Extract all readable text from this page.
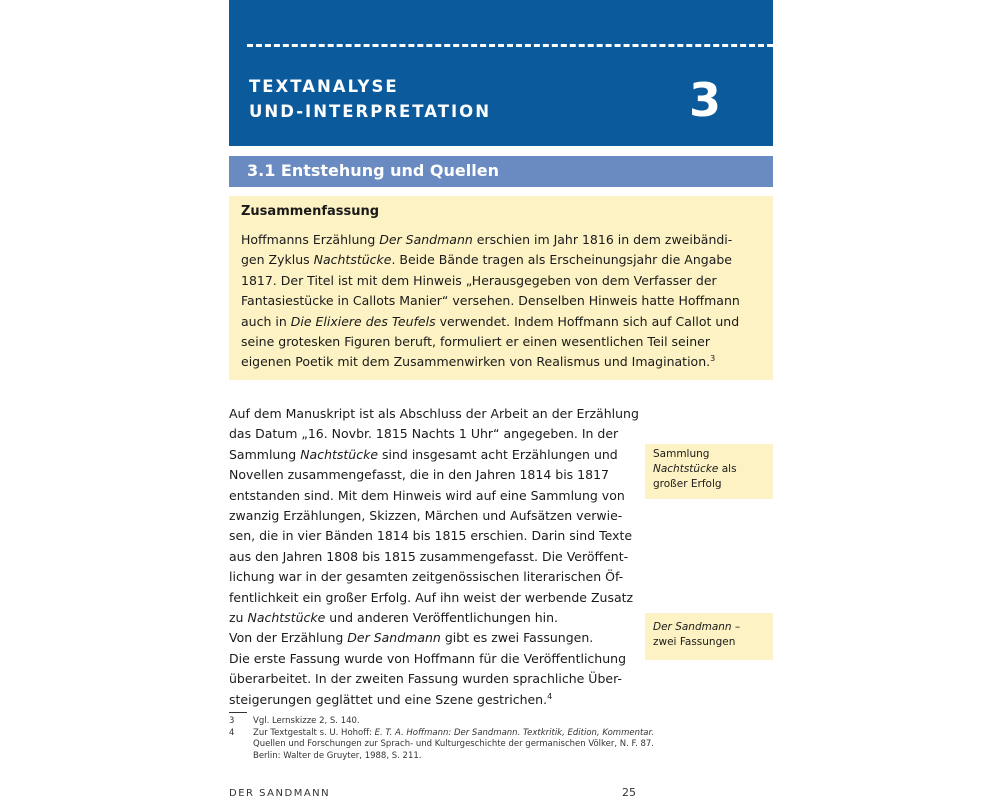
TEXTANALYSE
UND-INTERPRETATION	3
3.1 Entstehung und Quellen
Zusammenfassung
Hoffmanns Erzählung Der Sandmann erschien im Jahr 1816 in dem zweibändi-
gen Zyklus Nachtstücke. Beide Bände tragen als Erscheinungsjahr die Angabe
1817. Der Titel ist mit dem Hinweis „Herausgegeben von dem Verfasser der
Fantasiestücke in Callots Manier“ versehen. Denselben Hinweis hatte Hoffmann
auch in Die Elixiere des Teufels verwendet. Indem Hoffmann sich auf Callot und
seine grotesken Figuren beruft, formuliert er einen wesentlichen Teil seiner
eigenen Poetik mit dem Zusammenwirken von Realismus und Imagination.$^3$
Auf dem Manuskript ist als Abschluss der Arbeit an der Erzählung
das Datum „16. Novbr. 1815 Nachts 1 Uhr“ angegeben. In der
Sammlung Nachtstücke sind insgesamt acht Erzählungen und
Novellen zusammengefasst, die in den Jahren 1814 bis 1817
entstanden sind. Mit dem Hinweis wird auf eine Sammlung von
zwanzig Erzählungen, Skizzen, Märchen und Aufsätzen verwie-
sen, die in vier Bänden 1814 bis 1815 erschien. Darin sind Texte
aus den Jahren 1808 bis 1815 zusammengefasst. Die Veröffent-
lichung war in der gesamten zeitgenössischen literarischen Öf-
fentlichkeit ein großer Erfolg. Auf ihn weist der werbende Zusatz
zu Nachtstücke und anderen Veröffentlichungen hin.
Von der Erzählung Der Sandmann gibt es zwei Fassungen.
Die erste Fassung wurde von Hoffmann für die Veröffentlichung
überarbeitet. In der zweiten Fassung wurden sprachliche Über-
steigerungen geglättet und eine Szene gestrichen.$^4$
Sammlung
Nachtstücke als
großer Erfolg
Der Sandmann –
zwei Fassungen
3 Vgl. Lernskizze 2, S. 140.
4 Zur Textgestalt s. U. Hohoff: E. T. A. Hoffmann: Der Sandmann. Textkritik, Edition, Kommentar.
Quellen und Forschungen zur Sprach- und Kulturgeschichte der germanischen Völker, N. F. 87.
Berlin: Walter de Gruyter, 1988, S. 211.
DER SANDMANN	25
